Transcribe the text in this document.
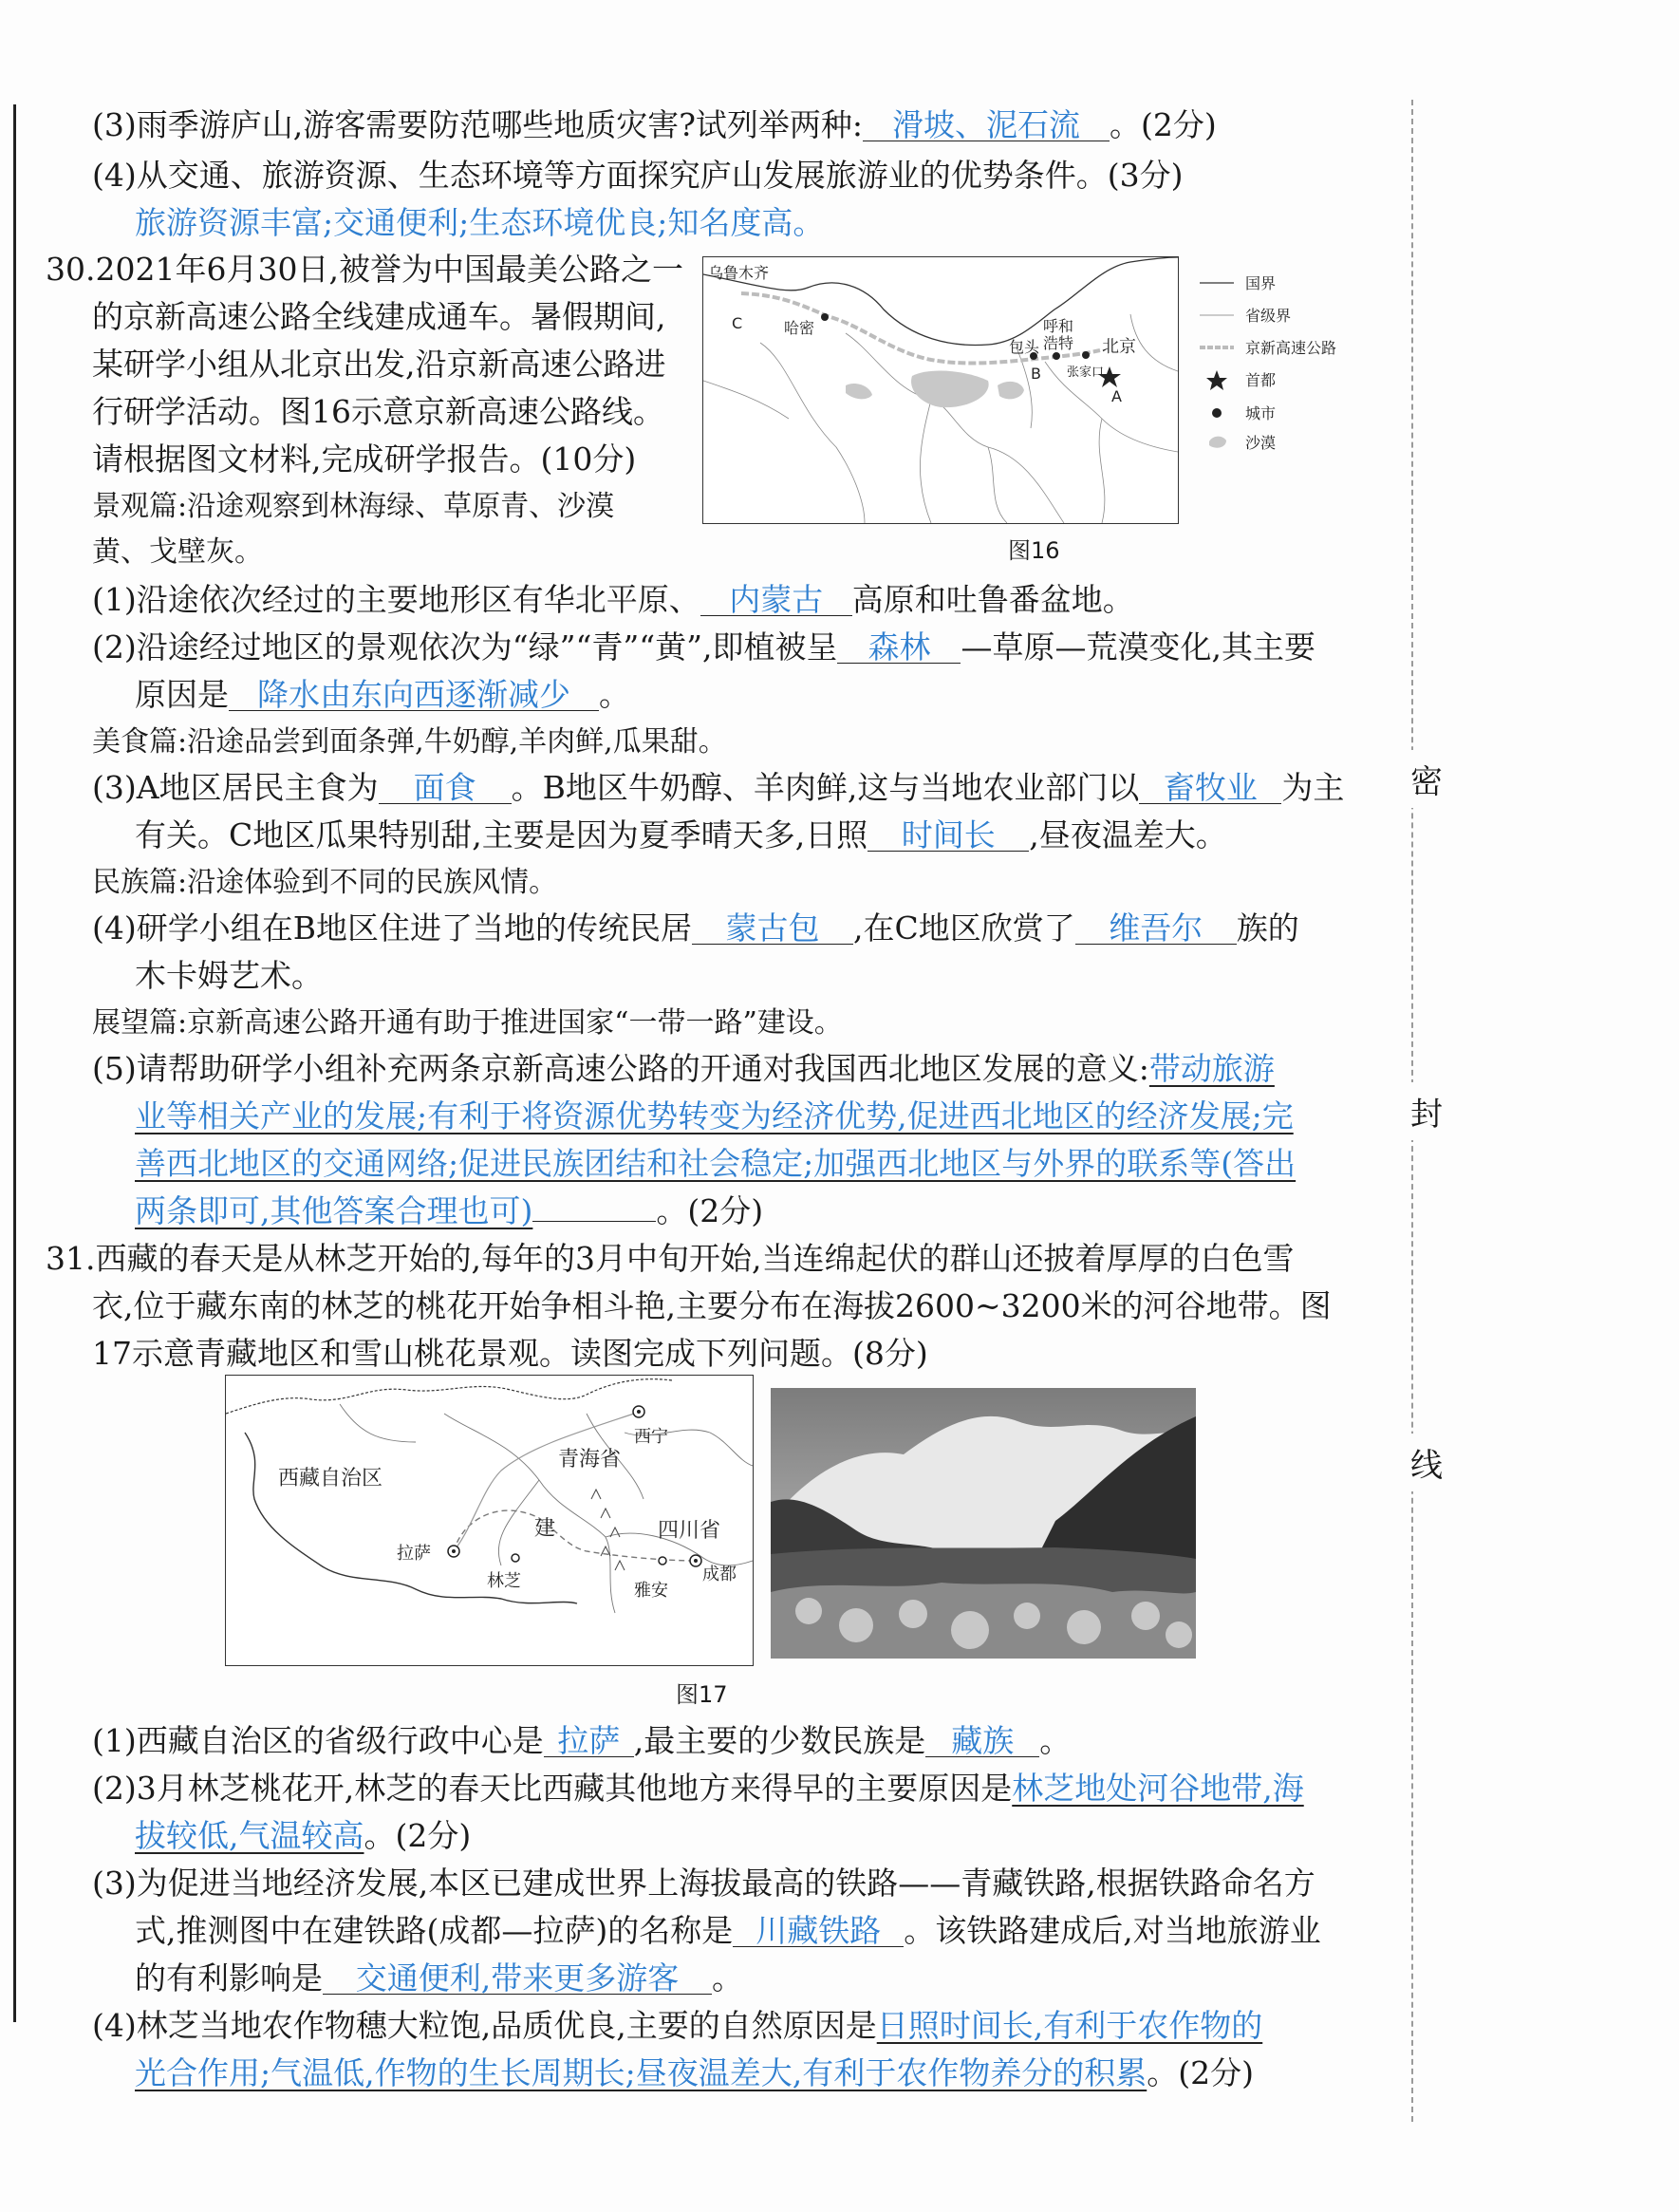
密
封
线
(3)雨季游庐山,游客需要防范哪些地质灾害?试列举两种: 滑坡、泥石流 。(2分)
(4)从交通、旅游资源、生态环境等方面探究庐山发展旅游业的优势条件。(3分)
旅游资源丰富;交通便利;生态环境优良;知名度高。
30.2021年6月30日,被誉为中国最美公路之一
的京新高速公路全线建成通车。暑假期间,
某研学小组从北京出发,沿京新高速公路进
行研学活动。图16示意京新高速公路线。
请根据图文材料,完成研学报告。(10分)
景观篇:沿途观察到林海绿、草原青、沙漠
黄、戈壁灰。
乌鲁木齐
C	哈密
包头
呼和
浩特 北京
B 张家口
A
国界
省级界
京新高速公路
首都
城市
沙漠
图16
(1)沿途依次经过的主要地形区有华北平原、 内蒙古 高原和吐鲁番盆地。
(2)沿途经过地区的景观依次为“绿”“青”“黄”,即植被呈 森林 —草原—荒漠变化,其主要
原因是 降水由东向西逐渐减少 。
美食篇:沿途品尝到面条弹,牛奶醇,羊肉鲜,瓜果甜。
(3)A地区居民主食为 面食 。B地区牛奶醇、羊肉鲜,这与当地农业部门以 畜牧业 为主
有关。C地区瓜果特别甜,主要是因为夏季晴天多,日照 时间长 ,昼夜温差大。
民族篇:沿途体验到不同的民族风情。
(4)研学小组在B地区住进了当地的传统民居 蒙古包 ,在C地区欣赏了 维吾尔 族的
木卡姆艺术。
展望篇:京新高速公路开通有助于推进国家“一带一路”建设。
(5)请帮助研学小组补充两条京新高速公路的开通对我国西北地区发展的意义:带动旅游
业等相关产业的发展;有利于将资源优势转变为经济优势,促进西北地区的经济发展;完
善西北地区的交通网络;促进民族团结和社会稳定;加强西北地区与外界的联系等(答出
两条即可,其他答案合理也可)	。(2分)
31.西藏的春天是从林芝开始的,每年的3月中旬开始,当连绵起伏的群山还披着厚厚的白色雪
衣,位于藏东南的林芝的桃花开始争相斗艳,主要分布在海拔2600~3200米的河谷地带。图
17示意青藏地区和雪山桃花景观。读图完成下列问题。(8分)
西藏自治区
青海省
西宁
四川省
拉萨
林芝	雅安
成都
建
图17
(1)西藏自治区的省级行政中心是 拉萨 ,最主要的少数民族是 藏族 。
(2)3月林芝桃花开,林芝的春天比西藏其他地方来得早的主要原因是林芝地处河谷地带,海
拔较低,气温较高。(2分)
(3)为促进当地经济发展,本区已建成世界上海拔最高的铁路——青藏铁路,根据铁路命名方
式,推测图中在建铁路(成都—拉萨)的名称是 川藏铁路 。该铁路建成后,对当地旅游业
的有利影响是 交通便利,带来更多游客 。
(4)林芝当地农作物穗大粒饱,品质优良,主要的自然原因是日照时间长,有利于农作物的
光合作用;气温低,作物的生长周期长;昼夜温差大,有利于农作物养分的积累。(2分)
